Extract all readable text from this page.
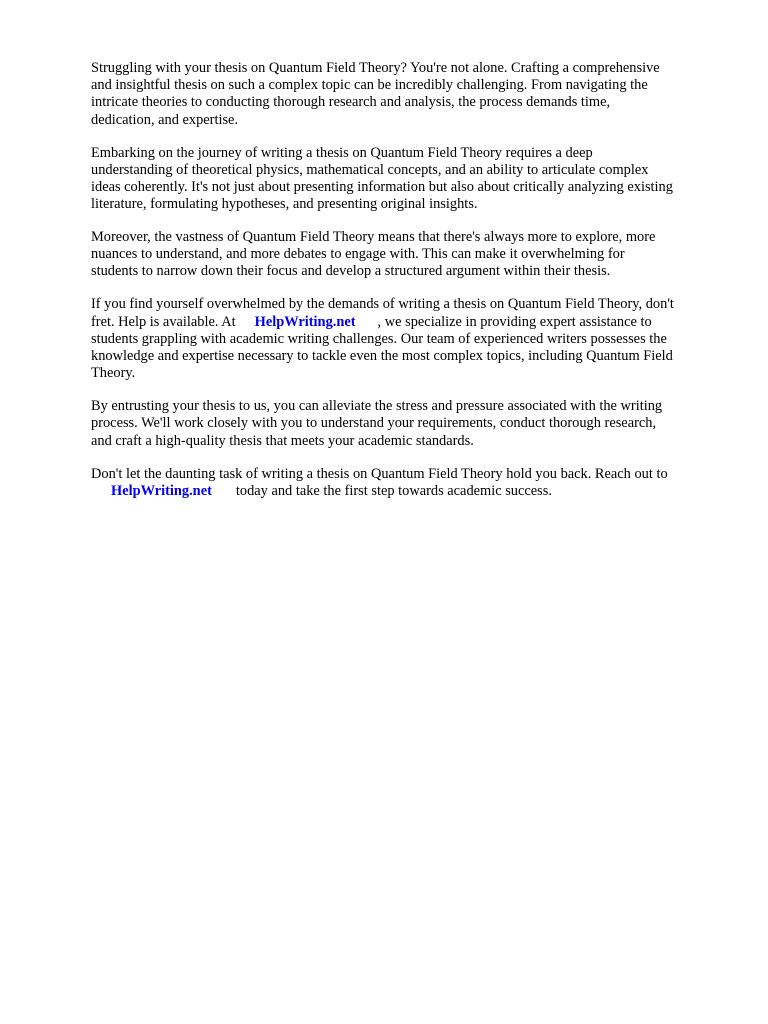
Struggling with your thesis on Quantum Field Theory? You're not alone. Crafting a comprehensive
and insightful thesis on such a complex topic can be incredibly challenging. From navigating the
intricate theories to conducting thorough research and analysis, the process demands time,
dedication, and expertise.

Embarking on the journey of writing a thesis on Quantum Field Theory requires a deep
understanding of theoretical physics, mathematical concepts, and an ability to articulate complex
ideas coherently. It's not just about presenting information but also about critically analyzing existing
literature, formulating hypotheses, and presenting original insights.

Moreover, the vastness of Quantum Field Theory means that there's always more to explore, more
nuances to understand, and more debates to engage with. This can make it overwhelming for
students to narrow down their focus and develop a structured argument within their thesis.

If you find yourself overwhelmed by the demands of writing a thesis on Quantum Field Theory, don't
fret. Help is available. At HelpWriting.net , we specialize in providing expert assistance to
students grappling with academic writing challenges. Our team of experienced writers possesses the
knowledge and expertise necessary to tackle even the most complex topics, including Quantum Field
Theory.

By entrusting your thesis to us, you can alleviate the stress and pressure associated with the writing
process. We'll work closely with you to understand your requirements, conduct thorough research,
and craft a high-quality thesis that meets your academic standards.

Don't let the daunting task of writing a thesis on Quantum Field Theory hold you back. Reach out to
HelpWriting.net today and take the first step towards academic success.
